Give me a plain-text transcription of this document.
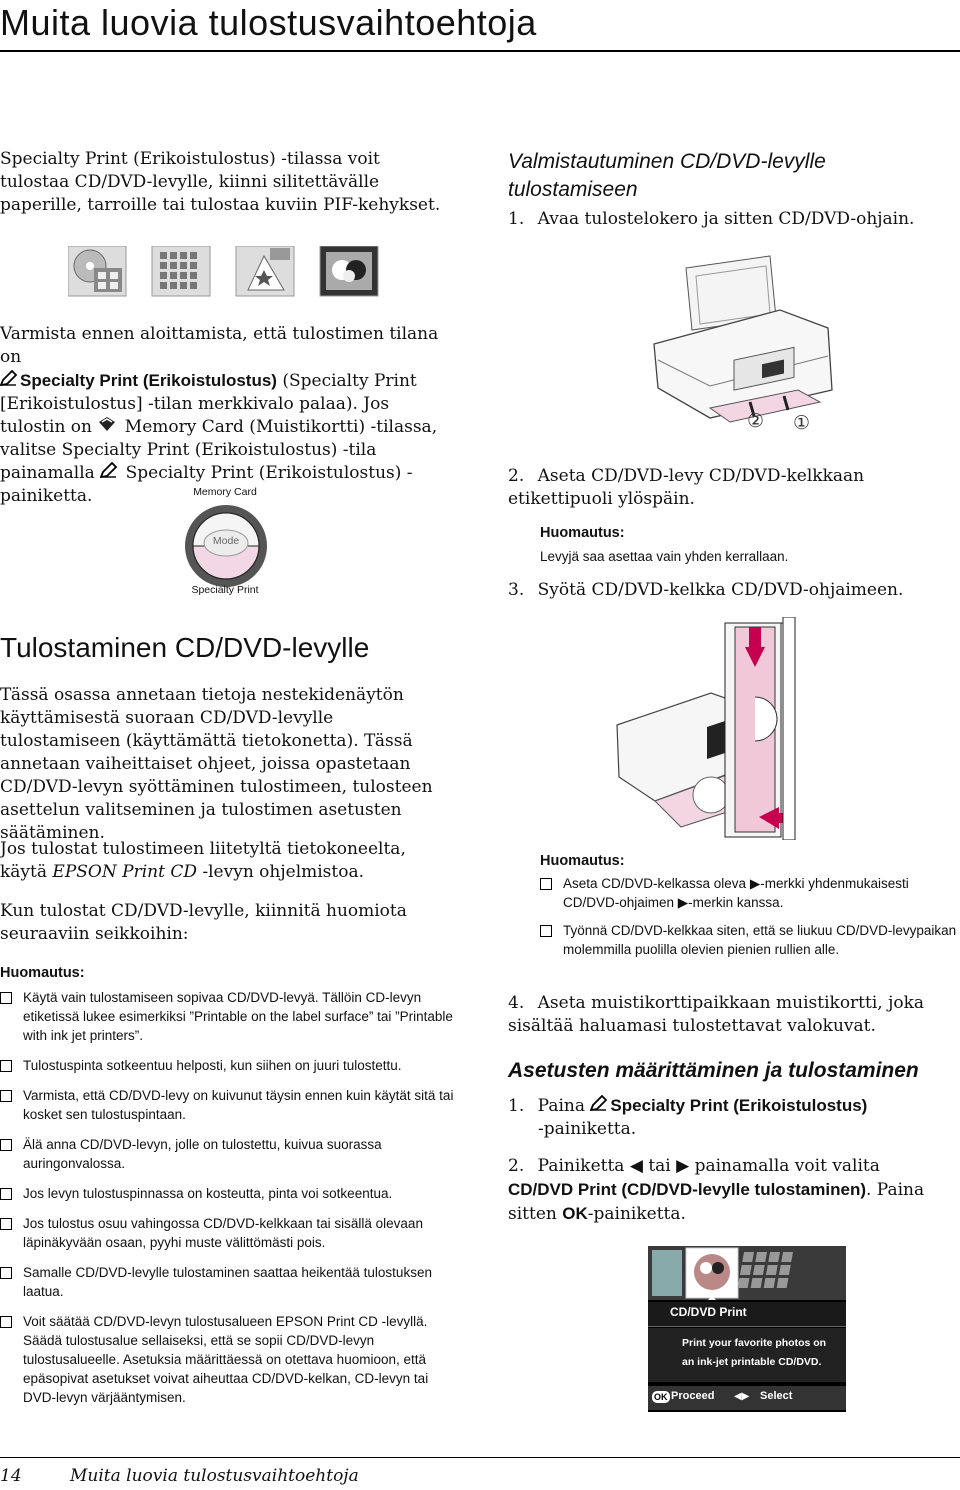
Muita luovia tulostusvaihtoehtoja
Specialty Print (Erikoistulostus) -tilassa voit tulostaa CD/DVD-levylle, kiinni silitettävälle paperille, tarroille tai tulostaa kuviin PIF-kehykset.
Varmista ennen aloittamista, että tulostimen tilana on
Specialty Print (Erikoistulostus) (Specialty Print [Erikoistulostus] -tilan merkkivalo palaa). Jos tulostin on Memory Card (Muistikortti) -tilassa, valitse Specialty Print (Erikoistulostus) -tila painamalla Specialty Print (Erikoistulostus) -painiketta.	Memory Card
Mode
Specialty Print
Tulostaminen CD/DVD-levylle
Tässä osassa annetaan tietoja nestekidenäytön käyttämisestä suoraan CD/DVD-levylle tulostamiseen (käyttämättä tietokonetta). Tässä annetaan vaiheittaiset ohjeet, joissa opastetaan CD/DVD-levyn syöttäminen tulostimeen, tulosteen asettelun valitseminen ja tulostimen asetusten säätäminen.
Jos tulostat tulostimeen liitetyltä tietokoneelta, käytä EPSON Print CD -levyn ohjelmistoa.
Kun tulostat CD/DVD-levylle, kiinnitä huomiota seuraaviin seikkoihin:
Huomautus:
Käytä vain tulostamiseen sopivaa CD/DVD-levyä. Tällöin CD-levyn etiketissä lukee esimerkiksi ”Printable on the label surface” tai ”Printable with ink jet printers”.
Tulostuspinta sotkeentuu helposti, kun siihen on juuri tulostettu.
Varmista, että CD/DVD-levy on kuivunut täysin ennen kuin käytät sitä tai kosket sen tulostuspintaan.
Älä anna CD/DVD-levyn, jolle on tulostettu, kuivua suorassa auringonvalossa.
Jos levyn tulostuspinnassa on kosteutta, pinta voi sotkeentua.
Jos tulostus osuu vahingossa CD/DVD-kelkkaan tai sisällä olevaan läpinäkyvään osaan, pyyhi muste välittömästi pois.
Samalle CD/DVD-levylle tulostaminen saattaa heikentää tulostuksen laatua.
Voit säätää CD/DVD-levyn tulostusalueen EPSON Print CD -levyllä. Säädä tulostusalue sellaiseksi, että se sopii CD/DVD-levyn tulostusalueelle. Asetuksia määrittäessä on otettava huomioon, että epäsopivat asetukset voivat aiheuttaa CD/DVD-kelkan, CD-levyn tai DVD-levyn värjääntymisen.
Valmistautuminen CD/DVD-levylle tulostamiseen
1. Avaa tulostelokero ja sitten CD/DVD-ohjain.
② ①
2. Aseta CD/DVD-levy CD/DVD-kelkkaan etikettipuoli ylöspäin.
Huomautus:
Levyjä saa asettaa vain yhden kerrallaan.
3. Syötä CD/DVD-kelkka CD/DVD-ohjaimeen.
Huomautus:
Aseta CD/DVD-kelkassa oleva ▶-merkki yhdenmukaisesti CD/DVD-ohjaimen ▶-merkin kanssa.
Työnnä CD/DVD-kelkkaa siten, että se liukuu CD/DVD-levypaikan molemmilla puolilla olevien pienien rullien alle.
4. Aseta muistikorttipaikkaan muistikortti, joka sisältää haluamasi tulostettavat valokuvat.
Asetusten määrittäminen ja tulostaminen
1. Paina Specialty Print (Erikoistulostus)
-painiketta.
2. Painiketta ◀ tai ▶ painamalla voit valita CD/DVD Print (CD/DVD-levylle tulostaminen). Paina sitten OK-painiketta.
CD/DVD Print
Print your favorite photos on
an ink-jet printable CD/DVD.
OK Proceed ◀▶ Select
14	Muita luovia tulostusvaihtoehtoja
